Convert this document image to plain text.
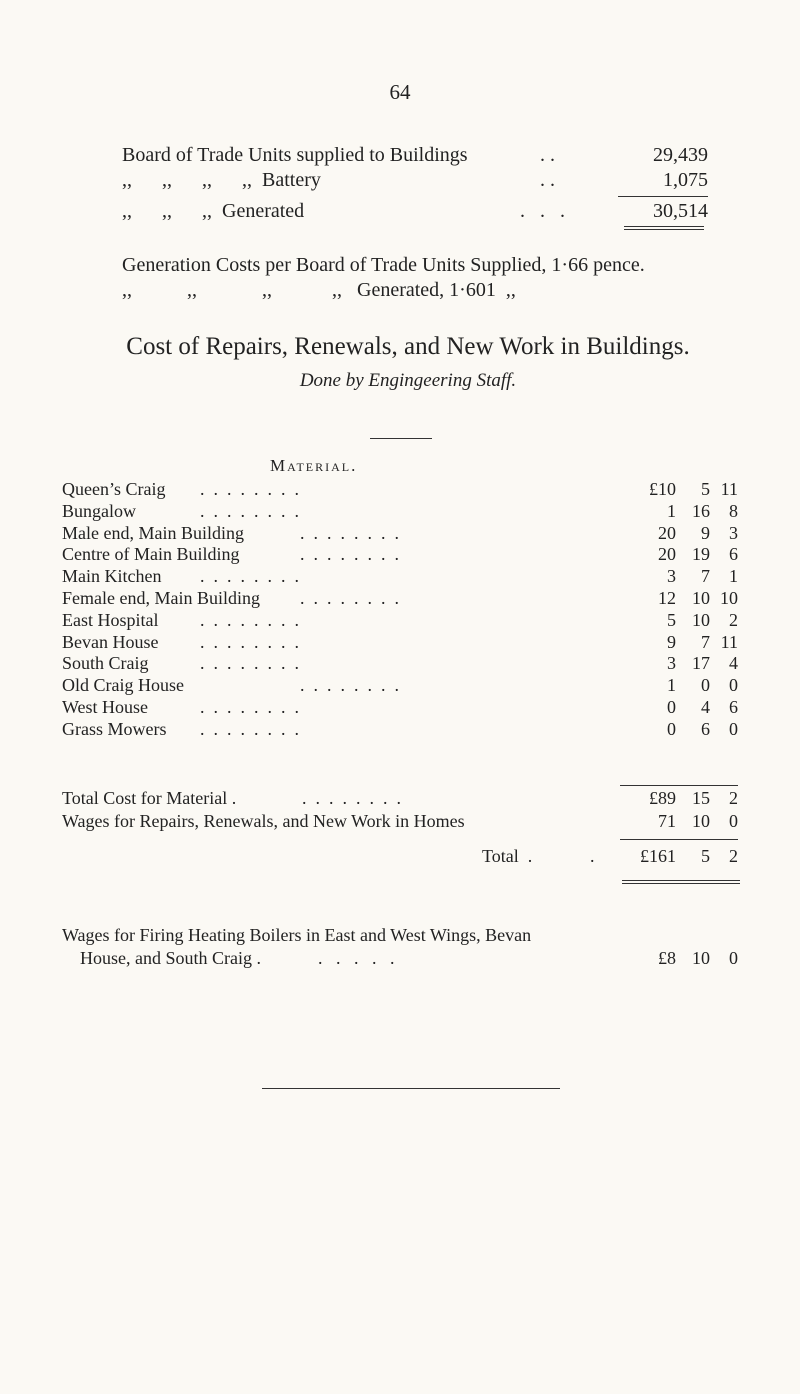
64
Board of Trade Units supplied to Buildings	. .	29,439
,,      ,,      ,,      ,,  Battery	. .	1,075
,,      ,,      ,,  Generated	.   .   .	30,514
Generation Costs per Board of Trade Units Supplied, 1·66 pence.
,,           ,,             ,,            ,,   Generated, 1·601  ,,
Cost of Repairs, Renewals, and New Work in Buildings.
Done by Engingeering Staff.
Material.
Queen’s Craig .  .  .  .  .  .  .  .	£10	5 11
Bungalow	.  .  .  .  .  .  .  .	1 16	8
Male end, Main Building	.  .  .  .  .  .  .  .	20	9	3
Centre of Main Building	.  .  .  .  .  .  .  .	20 19	6
Main Kitchen .  .  .  .  .  .  .  .	3	7	1
Female end, Main Building .  .  .  .  .  .  .  .	12 10 10
East Hospital .  .  .  .  .  .  .  .	5 10	2
Bevan House .  .  .  .  .  .  .  .	9	7 11
South Craig	.  .  .  .  .  .  .  .	3 17	4
Old Craig House	.  .  .  .  .  .  .  .	1	0	0
West House	.  .  .  .  .  .  .  .	0	4	6
Grass Mowers .  .  .  .  .  .  .  .	0	6	0
Total Cost for Material .	.  .  .  .  .  .  .  .	£89 15	2
Wages for Repairs, Renewals, and New Work in Homes	71 10	0
Total  .	.	£161	5	2
Wages for Firing Heating Boilers in East and West Wings, Bevan
House, and South Craig .	.   .   .   .   .	£8 10	0
